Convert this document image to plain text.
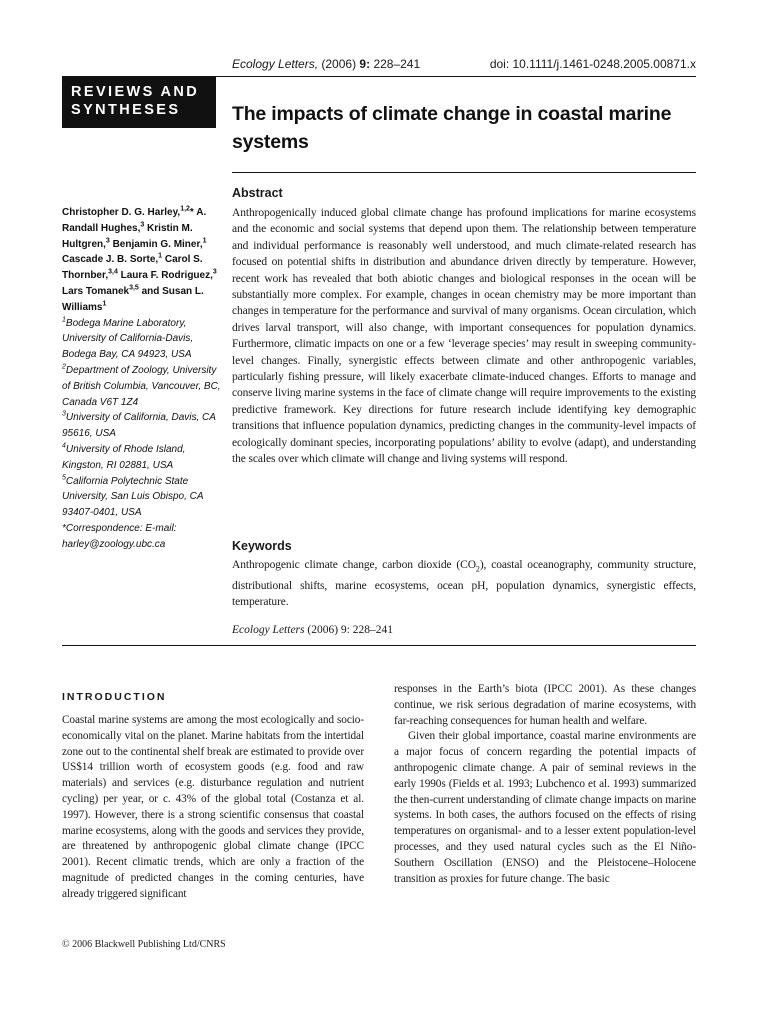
Ecology Letters, (2006) 9: 228–241	doi: 10.1111/j.1461-0248.2005.00871.x
REVIEWS AND
SYNTHESES	The impacts of climate change in coastal marine systems
Abstract
Anthropogenically induced global climate change has profound implications for marine ecosystems and the economic and social systems that depend upon them. The relationship between temperature and individual performance is reasonably well understood, and much climate-related research has focused on potential shifts in distribution and abundance driven directly by temperature. However, recent work has revealed that both abiotic changes and biological responses in the ocean will be substantially more complex. For example, changes in ocean chemistry may be more important than changes in temperature for the performance and survival of many organisms. Ocean circulation, which drives larval transport, will also change, with important consequences for population dynamics. Furthermore, climatic impacts on one or a few ‘leverage species’ may result in sweeping community-level changes. Finally, synergistic effects between climate and other anthropogenic variables, particularly fishing pressure, will likely exacerbate climate-induced changes. Efforts to manage and conserve living marine systems in the face of climate change will require improvements to the existing predictive framework. Key directions for future research include identifying key demographic transitions that influence population dynamics, predicting changes in the community-level impacts of ecologically dominant species, incorporating populations’ ability to evolve (adapt), and understanding the scales over which climate will change and living systems will respond.
Keywords
Anthropogenic climate change, carbon dioxide $(CO_2)$, coastal oceanography, community structure, distributional shifts, marine ecosystems, ocean pH, population dynamics, synergistic effects, temperature.
Ecology Letters (2006) 9: 228–241
Christopher D. G. Harley,$^{1,2}$* A. Randall Hughes,$^3$ Kristin M. Hultgren,$^3$ Benjamin G. Miner,$^1$ Cascade J. B. Sorte,$^1$ Carol S. Thornber,$^{3,4}$ Laura F. Rodriguez,$^3$ Lars Tomanek$^{3,5}$ and Susan L. Williams$^1$
$^1$Bodega Marine Laboratory, University of California-Davis, Bodega Bay, CA 94923, USA
$^2$Department of Zoology, University of British Columbia, Vancouver, BC, Canada V6T 1Z4
$^3$University of California, Davis, CA 95616, USA
$^4$University of Rhode Island, Kingston, RI 02881, USA
$^5$California Polytechnic State University, San Luis Obispo, CA 93407-0401, USA
*Correspondence: E-mail: harley@zoology.ubc.ca
INTRODUCTION

Coastal marine systems are among the most ecologically and socio-economically vital on the planet. Marine habitats from the intertidal zone out to the continental shelf break are estimated to provide over US$14 trillion worth of ecosystem goods (e.g. food and raw materials) and services (e.g. disturbance regulation and nutrient cycling) per year, or c. 43% of the global total (Costanza et al. 1997). However, there is a strong scientific consensus that coastal marine ecosystems, along with the goods and services they provide, are threatened by anthropogenic global climate change (IPCC 2001). Recent climatic trends, which are only a fraction of the magnitude of predicted changes in the coming centuries, have already triggered significant

responses in the Earth’s biota (IPCC 2001). As these changes continue, we risk serious degradation of marine ecosystems, with far-reaching consequences for human health and welfare.

Given their global importance, coastal marine environments are a major focus of concern regarding the potential impacts of anthropogenic climate change. A pair of seminal reviews in the early 1990s (Fields et al. 1993; Lubchenco et al. 1993) summarized the then-current understanding of climate change impacts on marine systems. In both cases, the authors focused on the effects of rising temperatures on organismal- and to a lesser extent population-level processes, and they used natural cycles such as the El Niño-Southern Oscillation (ENSO) and the Pleistocene–Holocene transition as proxies for future change. The basic

© 2006 Blackwell Publishing Ltd/CNRS
